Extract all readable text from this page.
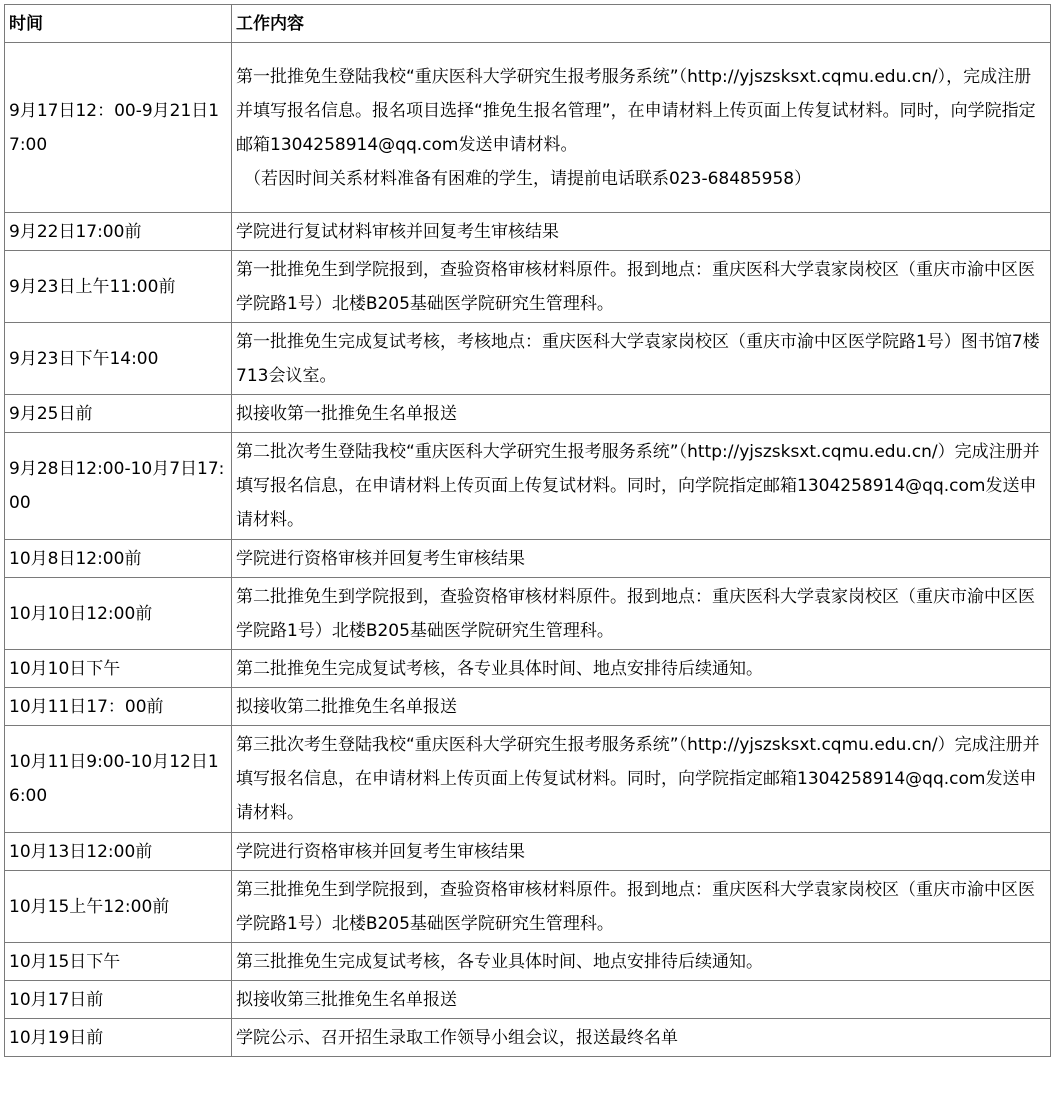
时间	工作内容
9月17日12：00-9月21日17:00	第一批推免生登陆我校“重庆医科大学研究生报考服务系统”（http://yjszsksxt.cqmu.edu.cn/），完成注册并填写报名信息。报名项目选择“推免生报名管理”，在申请材料上传页面上传复试材料。同时，向学院指定邮箱1304258914@qq.com发送申请材料。
（若因时间关系材料准备有困难的学生，请提前电话联系023-68485958）

9月22日17:00前	学院进行复试材料审核并回复考生审核结果
9月23日上午11:00前	第一批推免生到学院报到，查验资格审核材料原件。报到地点：重庆医科大学袁家岗校区（重庆市渝中区医学院路1号）北楼B205基础医学院研究生管理科。
9月23日下午14:00	第一批推免生完成复试考核，考核地点：重庆医科大学袁家岗校区（重庆市渝中区医学院路1号）图书馆7楼713会议室。
9月25日前	拟接收第一批推免生名单报送
9月28日12:00-10月7日17:00	第二批次考生登陆我校“重庆医科大学研究生报考服务系统”（http://yjszsksxt.cqmu.edu.cn/）完成注册并填写报名信息，在申请材料上传页面上传复试材料。同时，向学院指定邮箱1304258914@qq.com发送申请材料。
10月8日12:00前	学院进行资格审核并回复考生审核结果
10月10日12:00前	第二批推免生到学院报到，查验资格审核材料原件。报到地点：重庆医科大学袁家岗校区（重庆市渝中区医学院路1号）北楼B205基础医学院研究生管理科。
10月10日下午	第二批推免生完成复试考核，各专业具体时间、地点安排待后续通知。
10月11日17：00前	拟接收第二批推免生名单报送
10月11日9:00-10月12日16:00	第三批次考生登陆我校“重庆医科大学研究生报考服务系统”（http://yjszsksxt.cqmu.edu.cn/）完成注册并填写报名信息，在申请材料上传页面上传复试材料。同时，向学院指定邮箱1304258914@qq.com发送申请材料。
10月13日12:00前	学院进行资格审核并回复考生审核结果
10月15上午12:00前	第三批推免生到学院报到，查验资格审核材料原件。报到地点：重庆医科大学袁家岗校区（重庆市渝中区医学院路1号）北楼B205基础医学院研究生管理科。
10月15日下午	第三批推免生完成复试考核，各专业具体时间、地点安排待后续通知。
10月17日前	拟接收第三批推免生名单报送
10月19日前	学院公示、召开招生录取工作领导小组会议，报送最终名单
